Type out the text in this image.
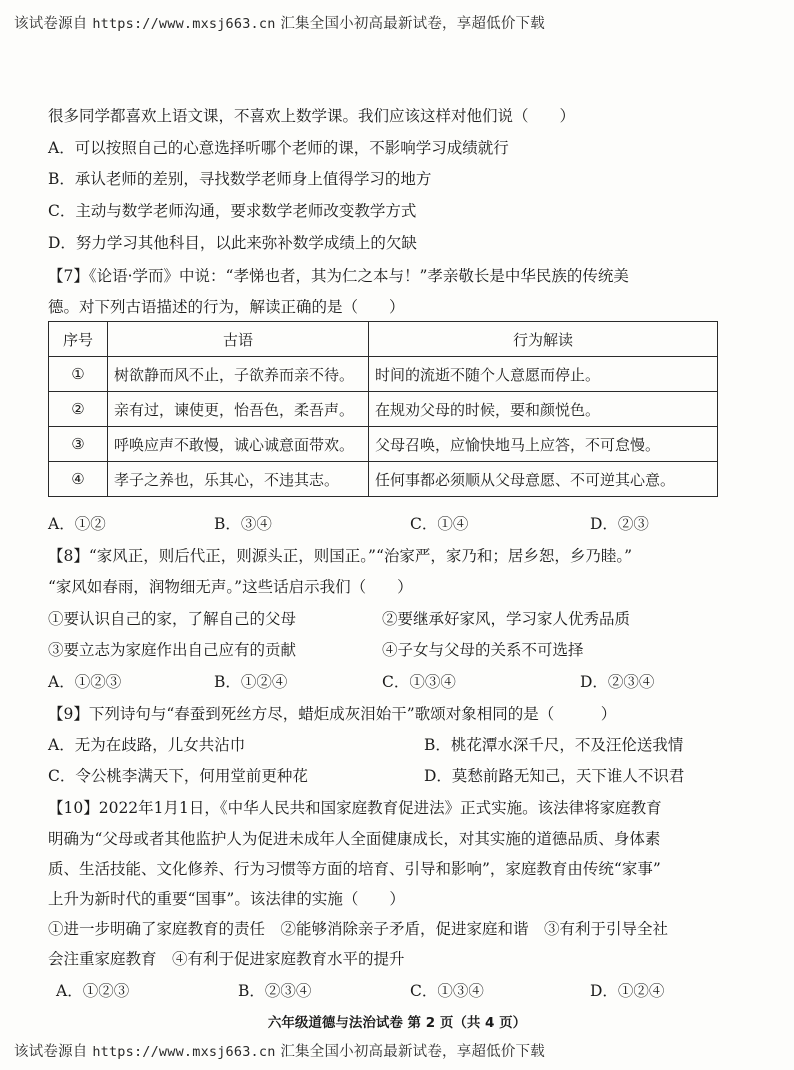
该试卷源自 https://www.mxsj663.cn 汇集全国小初高最新试卷，享超低价下载
很多同学都喜欢上语文课，不喜欢上数学课。我们应该这样对他们说（　　）
A．可以按照自己的心意选择听哪个老师的课，不影响学习成绩就行
B．承认老师的差别，寻找数学老师身上值得学习的地方
C．主动与数学老师沟通，要求数学老师改变教学方式
D．努力学习其他科目，以此来弥补数学成绩上的欠缺
【7】《论语·学而》中说：“孝悌也者，其为仁之本与！”孝亲敬长是中华民族的传统美
德。对下列古语描述的行为，解读正确的是（　　）
序号	古语	行为解读
①	树欲静而风不止，子欲养而亲不待。	时间的流逝不随个人意愿而停止。
②	亲有过，谏使更，怡吾色，柔吾声。	在规劝父母的时候，要和颜悦色。
③	呼唤应声不敢慢，诚心诚意面带欢。	父母召唤，应愉快地马上应答，不可怠慢。
④	孝子之养也，乐其心，不违其志。	任何事都必须顺从父母意愿、不可逆其心意。
A．①②	B．③④	C．①④	D．②③
【8】“家风正，则后代正，则源头正，则国正。”“治家严，家乃和；居乡恕，乡乃睦。”
“家风如春雨，润物细无声。”这些话启示我们（　　）
①要认识自己的家，了解自己的父母	②要继承好家风，学习家人优秀品质
③要立志为家庭作出自己应有的贡献	④子女与父母的关系不可选择
A．①②③	B．①②④	C．①③④	D．②③④
【9】下列诗句与“春蚕到死丝方尽，蜡炬成灰泪始干”歌颂对象相同的是（　　　）
A．无为在歧路，儿女共沾巾	B．桃花潭水深千尺，不及汪伦送我情
C．令公桃李满天下，何用堂前更种花	D．莫愁前路无知己，天下谁人不识君
【10】2022年1月1日，《中华人民共和国家庭教育促进法》正式实施。该法律将家庭教育
明确为“父母或者其他监护人为促进未成年人全面健康成长，对其实施的道德品质、身体素
质、生活技能、文化修养、行为习惯等方面的培育、引导和影响”，家庭教育由传统“家事”
上升为新时代的重要“国事”。该法律的实施（　　）
①进一步明确了家庭教育的责任　②能够消除亲子矛盾，促进家庭和谐　③有利于引导全社
会注重家庭教育　④有利于促进家庭教育水平的提升
A．①②③	B．②③④	C．①③④	D．①②④
六年级道德与法治试卷 第 2 页（共 4 页）
该试卷源自 https://www.mxsj663.cn 汇集全国小初高最新试卷，享超低价下载
